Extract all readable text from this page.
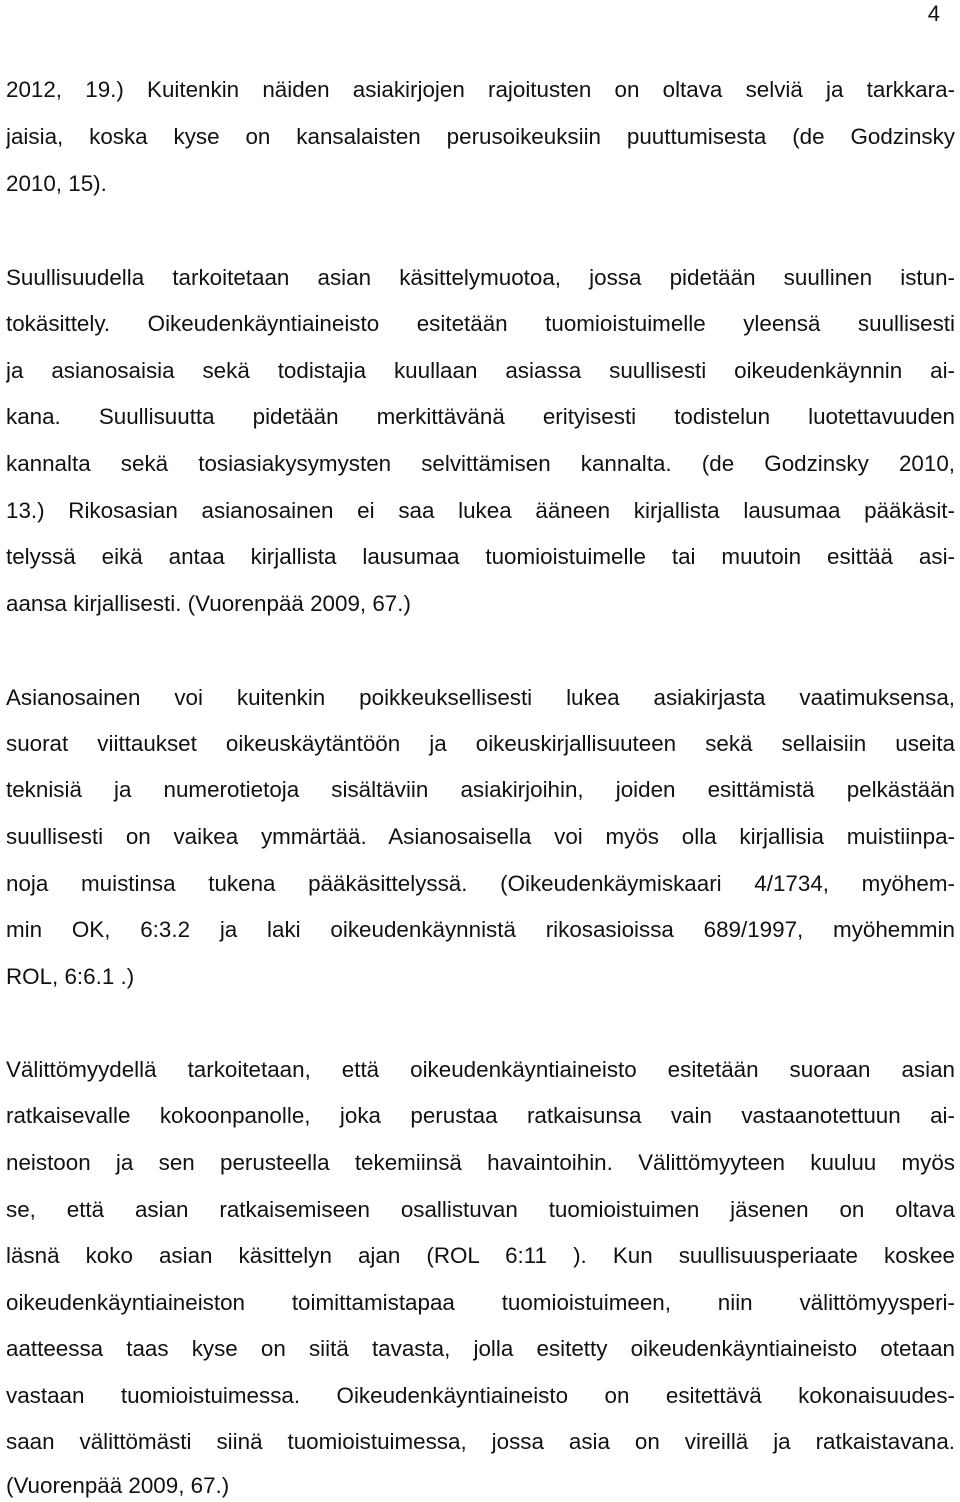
4
2012, 19.) Kuitenkin näiden asiakirjojen rajoitusten on oltava selviä ja tarkkara-
jaisia, koska kyse on kansalaisten perusoikeuksiin puuttumisesta (de Godzinsky
2010, 15).
Suullisuudella tarkoitetaan asian käsittelymuotoa, jossa pidetään suullinen istun-
tokäsittely. Oikeudenkäyntiaineisto esitetään tuomioistuimelle yleensä suullisesti
ja asianosaisia sekä todistajia kuullaan asiassa suullisesti oikeudenkäynnin ai-
kana. Suullisuutta pidetään merkittävänä erityisesti todistelun luotettavuuden
kannalta sekä tosiasiakysymysten selvittämisen kannalta. (de Godzinsky 2010,
13.) Rikosasian asianosainen ei saa lukea ääneen kirjallista lausumaa pääkäsit-
telyssä eikä antaa kirjallista lausumaa tuomioistuimelle tai muutoin esittää asi-
aansa kirjallisesti. (Vuorenpää 2009, 67.)
Asianosainen voi kuitenkin poikkeuksellisesti lukea asiakirjasta vaatimuksensa,
suorat viittaukset oikeuskäytäntöön ja oikeuskirjallisuuteen sekä sellaisiin useita
teknisiä ja numerotietoja sisältäviin asiakirjoihin, joiden esittämistä pelkästään
suullisesti on vaikea ymmärtää. Asianosaisella voi myös olla kirjallisia muistiinpa-
noja muistinsa tukena pääkäsittelyssä. (Oikeudenkäymiskaari 4/1734, myöhem-
min OK, 6:3.2 ja laki oikeudenkäynnistä rikosasioissa 689/1997, myöhemmin
ROL, 6:6.1 .)
Välittömyydellä tarkoitetaan, että oikeudenkäyntiaineisto esitetään suoraan asian
ratkaisevalle kokoonpanolle, joka perustaa ratkaisunsa vain vastaanotettuun ai-
neistoon ja sen perusteella tekemiinsä havaintoihin. Välittömyyteen kuuluu myös
se, että asian ratkaisemiseen osallistuvan tuomioistuimen jäsenen on oltava
läsnä koko asian käsittelyn ajan (ROL 6:11 ). Kun suullisuusperiaate koskee
oikeudenkäyntiaineiston toimittamistapaa tuomioistuimeen, niin välittömyysperi-
aatteessa taas kyse on siitä tavasta, jolla esitetty oikeudenkäyntiaineisto otetaan
vastaan tuomioistuimessa. Oikeudenkäyntiaineisto on esitettävä kokonaisuudes-
saan välittömästi siinä tuomioistuimessa, jossa asia on vireillä ja ratkaistavana.
(Vuorenpää 2009, 67.)
